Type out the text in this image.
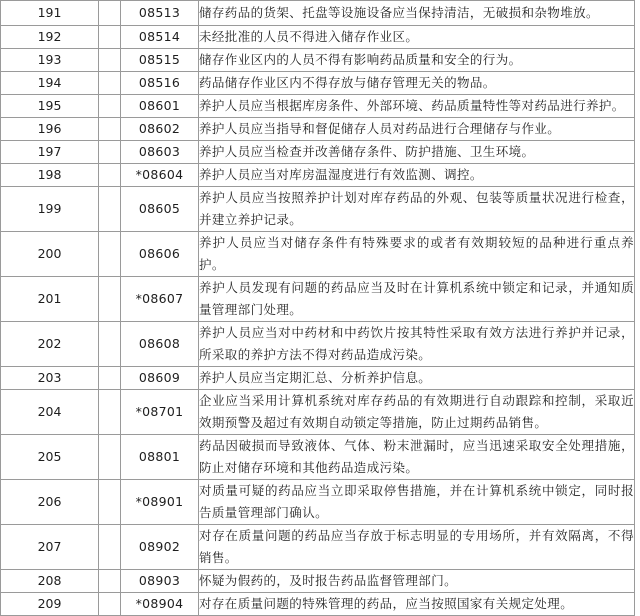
191		08513	储存药品的货架、托盘等设施设备应当保持清洁，无破损和杂物堆放。
192		08514	未经批准的人员不得进入储存作业区。
193		08515	储存作业区内的人员不得有影响药品质量和安全的行为。
194		08516	药品储存作业区内不得存放与储存管理无关的物品。
195		08601	养护人员应当根据库房条件、外部环境、药品质量特性等对药品进行养护。
196		08602	养护人员应当指导和督促储存人员对药品进行合理储存与作业。
197		08603	养护人员应当检查并改善储存条件、防护措施、卫生环境。
198		*08604	养护人员应当对库房温湿度进行有效监测、调控。
199		08605	养护人员应当按照养护计划对库存药品的外观、包装等质量状况进行检查，并建立养护记录。
200		08606	养护人员应当对储存条件有特殊要求的或者有效期较短的品种进行重点养护。
201		*08607	养护人员发现有问题的药品应当及时在计算机系统中锁定和记录，并通知质量管理部门处理。
202		08608	养护人员应当对中药材和中药饮片按其特性采取有效方法进行养护并记录，所采取的养护方法不得对药品造成污染。
203		08609	养护人员应当定期汇总、分析养护信息。
204		*08701	企业应当采用计算机系统对库存药品的有效期进行自动跟踪和控制，采取近效期预警及超过有效期自动锁定等措施，防止过期药品销售。
205		08801	药品因破损而导致液体、气体、粉末泄漏时，应当迅速采取安全处理措施，防止对储存环境和其他药品造成污染。
206		*08901	对质量可疑的药品应当立即采取停售措施，并在计算机系统中锁定，同时报告质量管理部门确认。
207		08902	对存在质量问题的药品应当存放于标志明显的专用场所，并有效隔离，不得销售。
208		08903	怀疑为假药的，及时报告药品监督管理部门。
209		*08904	对存在质量问题的特殊管理的药品，应当按照国家有关规定处理。
